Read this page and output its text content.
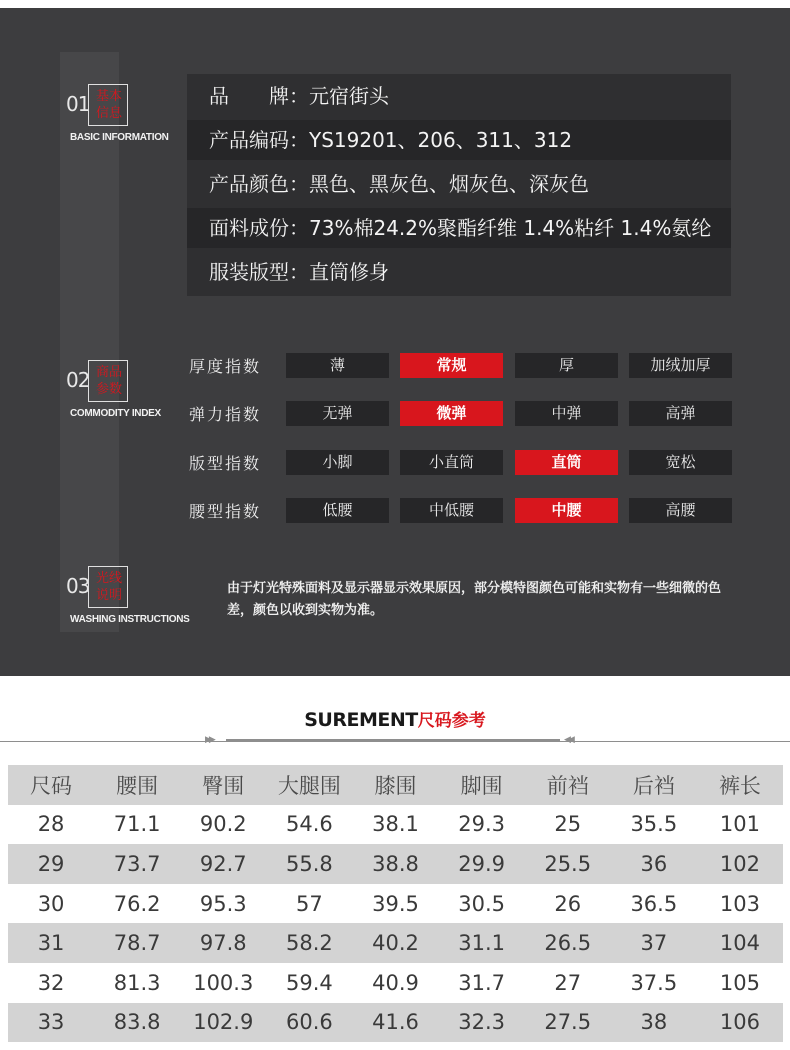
01 基本信息
BASIC INFORMATION
02 商品参数
COMMODITY INDEX
03 光线说明
WASHING INSTRUCTIONS
品　　牌：元宿街头
产品编码：YS19201、206、311、312
产品颜色：黑色、黑灰色、烟灰色、深灰色
面料成份：73%棉24.2%聚酯纤维 1.4%粘纤 1.4%氨纶
服装版型：直筒修身
厚度指数	薄	常规	厚	加绒加厚
弹力指数	无弹	微弹	中弹	高弹
版型指数	小脚	小直筒	直筒	宽松
腰型指数	低腰	中低腰	中腰	高腰
由于灯光特殊面料及显示器显示效果原因，部分模特图颜色可能和实物有一些细微的色差，颜色以收到实物为准。
SUREMENT尺码参考
▶▶	◀◀
尺码	腰围	臀围	大腿围	膝围	脚围	前裆	后裆	裤长
28	71.1	90.2	54.6	38.1	29.3	25	35.5	101
29	73.7	92.7	55.8	38.8	29.9	25.5	36	102
30	76.2	95.3	57	39.5	30.5	26	36.5	103
31	78.7	97.8	58.2	40.2	31.1	26.5	37	104
32	81.3	100.3	59.4	40.9	31.7	27	37.5	105
33	83.8	102.9	60.6	41.6	32.3	27.5	38	106
